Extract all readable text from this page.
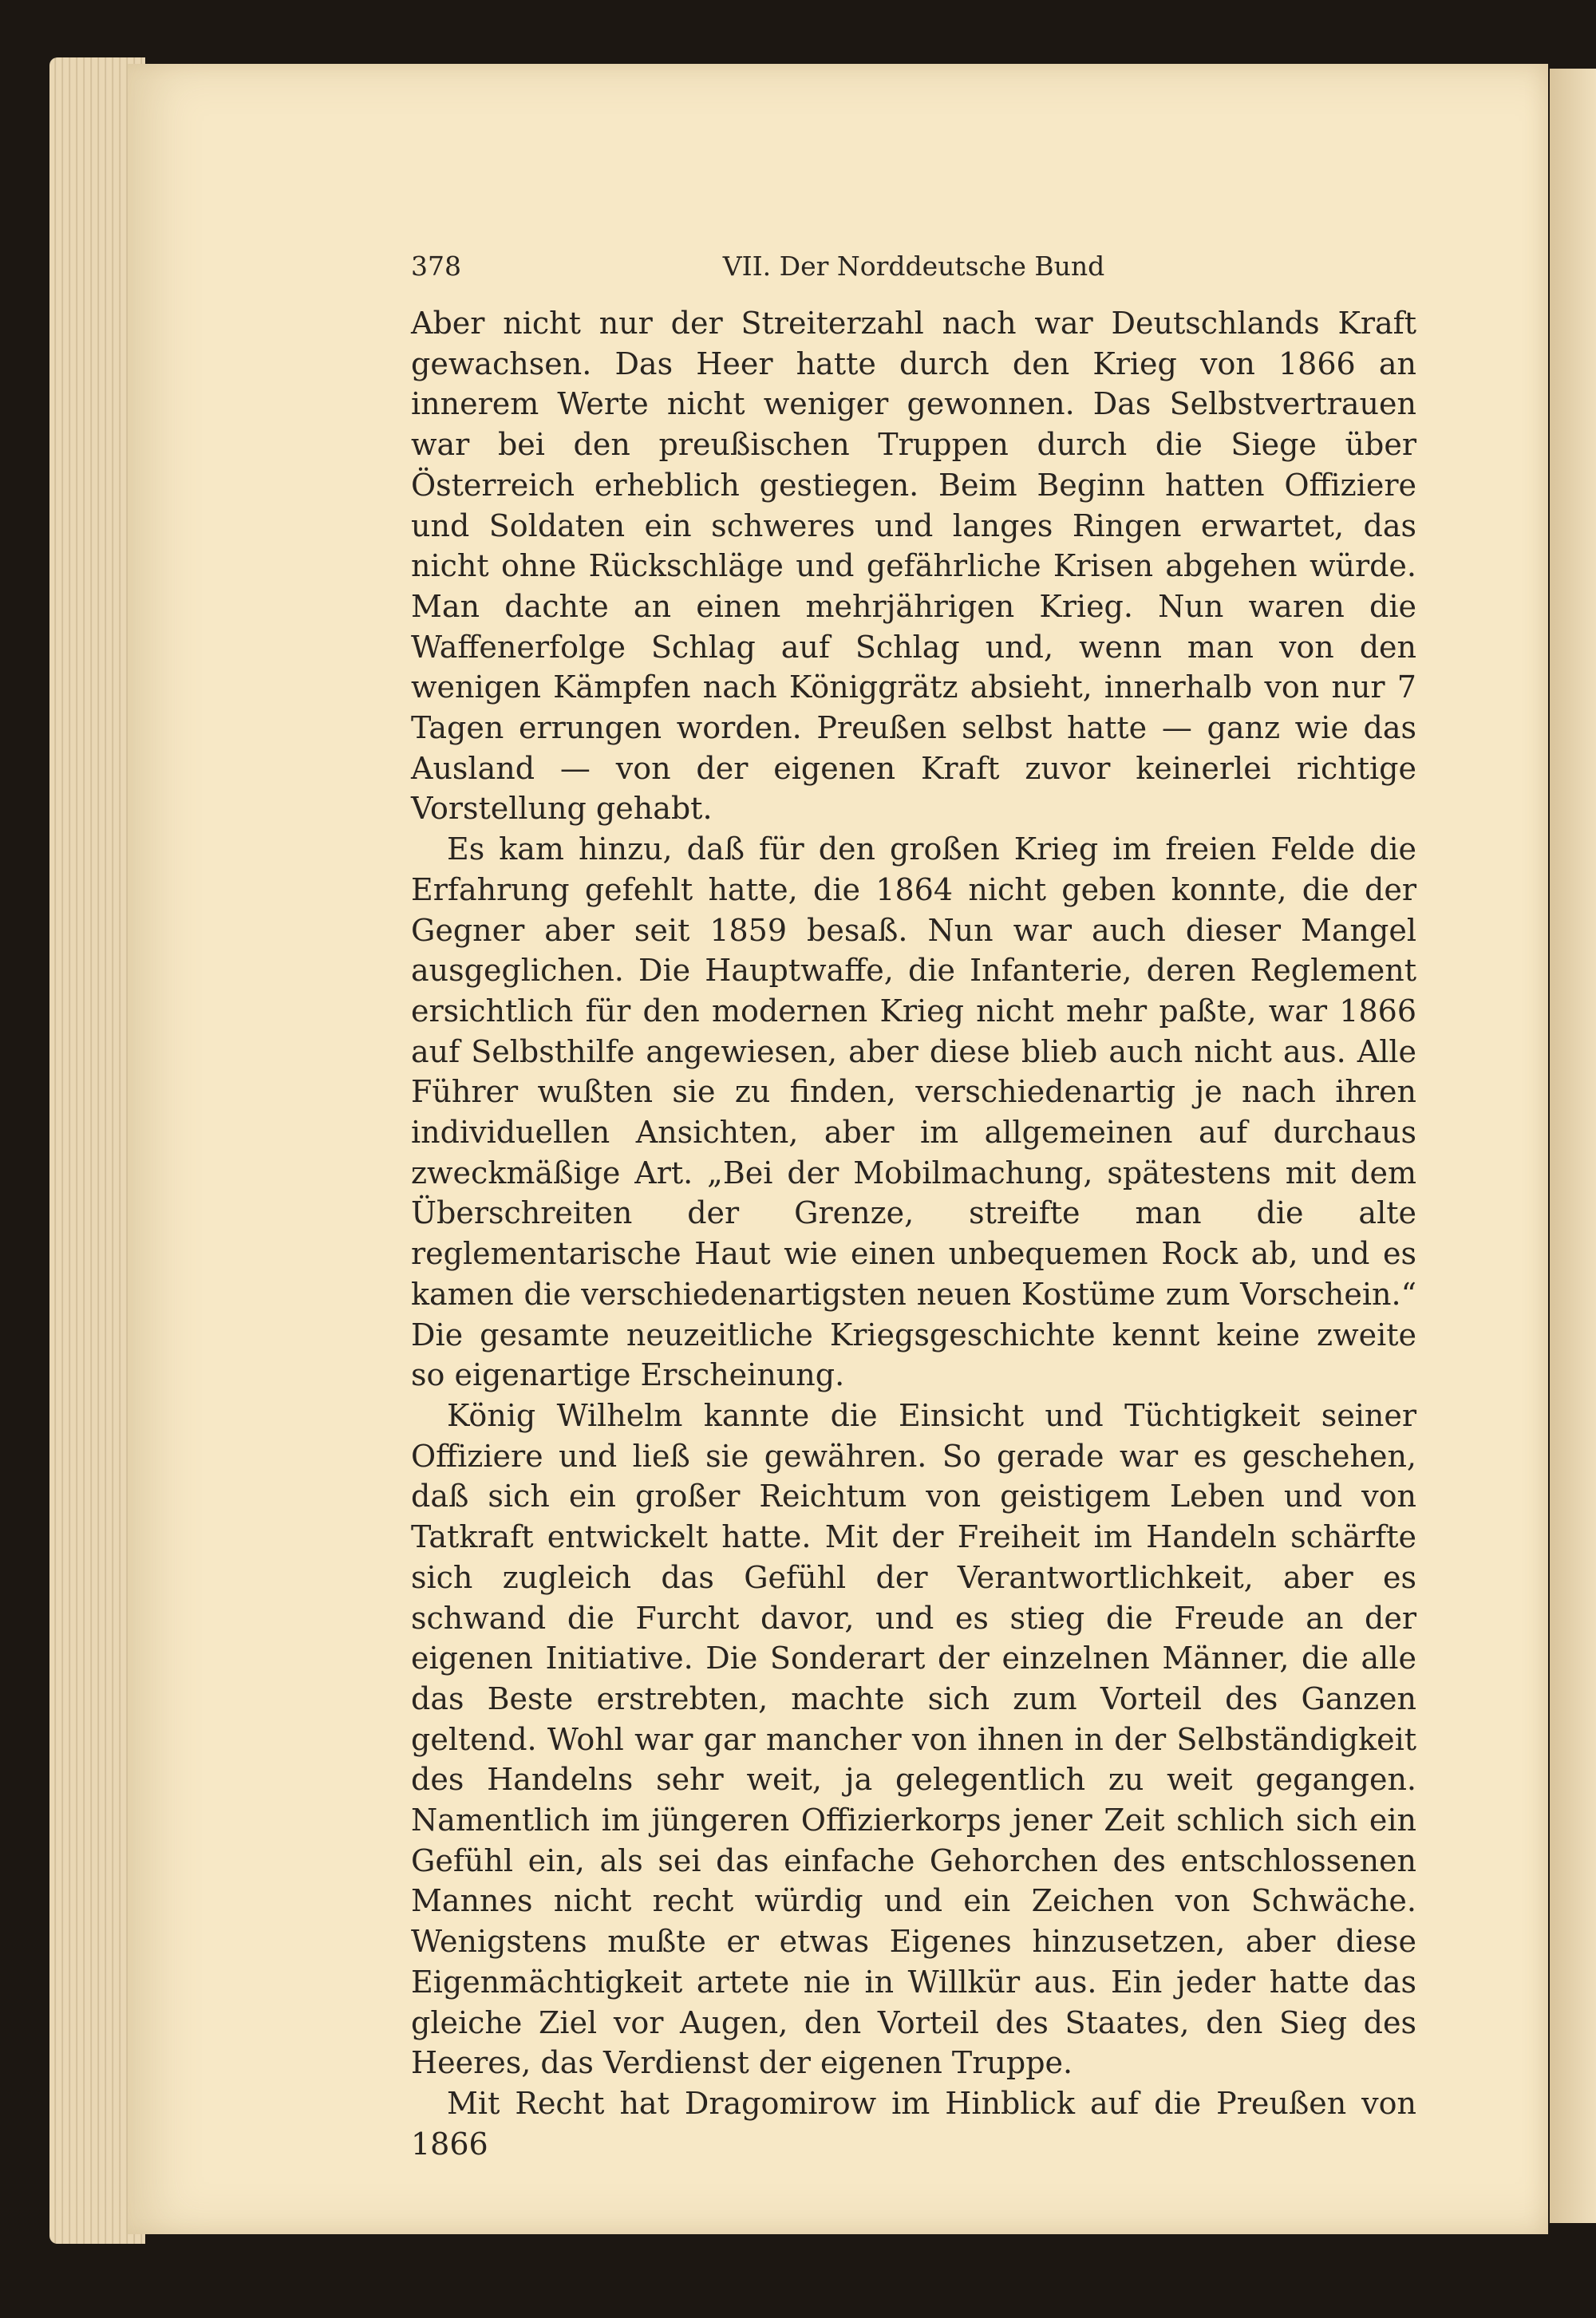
378	VII. Der Norddeutsche Bund

Aber nicht nur der Streiterzahl nach war Deutschlands Kraft gewachsen. Das Heer hatte durch den Krieg von 1866 an innerem Werte nicht weniger gewonnen. Das Selbstvertrauen war bei den preußischen Truppen durch die Siege über Österreich erheblich gestiegen. Beim Beginn hatten Offiziere und Soldaten ein schweres und langes Ringen erwartet, das nicht ohne Rückschläge und gefährliche Krisen abgehen würde. Man dachte an einen mehrjährigen Krieg. Nun waren die Waffenerfolge Schlag auf Schlag und, wenn man von den wenigen Kämpfen nach Königgrätz absieht, innerhalb von nur 7 Tagen errungen worden. Preußen selbst hatte — ganz wie das Ausland — von der eigenen Kraft zuvor keinerlei richtige Vorstellung gehabt.

Es kam hinzu, daß für den großen Krieg im freien Felde die Erfahrung gefehlt hatte, die 1864 nicht geben konnte, die der Gegner aber seit 1859 besaß. Nun war auch dieser Mangel ausgeglichen. Die Hauptwaffe, die Infanterie, deren Reglement ersichtlich für den modernen Krieg nicht mehr paßte, war 1866 auf Selbsthilfe angewiesen, aber diese blieb auch nicht aus. Alle Führer wußten sie zu finden, verschiedenartig je nach ihren individuellen Ansichten, aber im allgemeinen auf durchaus zweckmäßige Art. „Bei der Mobilmachung, spätestens mit dem Überschreiten der Grenze, streifte man die alte reglementarische Haut wie einen unbequemen Rock ab, und es kamen die verschiedenartigsten neuen Kostüme zum Vorschein.“ Die gesamte neuzeitliche Kriegsgeschichte kennt keine zweite so eigenartige Erscheinung.

König Wilhelm kannte die Einsicht und Tüchtigkeit seiner Offiziere und ließ sie gewähren. So gerade war es geschehen, daß sich ein großer Reichtum von geistigem Leben und von Tatkraft entwickelt hatte. Mit der Freiheit im Handeln schärfte sich zugleich das Gefühl der Verantwortlichkeit, aber es schwand die Furcht davor, und es stieg die Freude an der eigenen Initiative. Die Sonderart der einzelnen Männer, die alle das Beste erstrebten, machte sich zum Vorteil des Ganzen geltend. Wohl war gar mancher von ihnen in der Selbständigkeit des Handelns sehr weit, ja gelegentlich zu weit gegangen. Namentlich im jüngeren Offizierkorps jener Zeit schlich sich ein Gefühl ein, als sei das einfache Gehorchen des entschlossenen Mannes nicht recht würdig und ein Zeichen von Schwäche. Wenigstens mußte er etwas Eigenes hinzusetzen, aber diese Eigenmächtigkeit artete nie in Willkür aus. Ein jeder hatte das gleiche Ziel vor Augen, den Vorteil des Staates, den Sieg des Heeres, das Verdienst der eigenen Truppe.

Mit Recht hat Dragomirow im Hinblick auf die Preußen von 1866
